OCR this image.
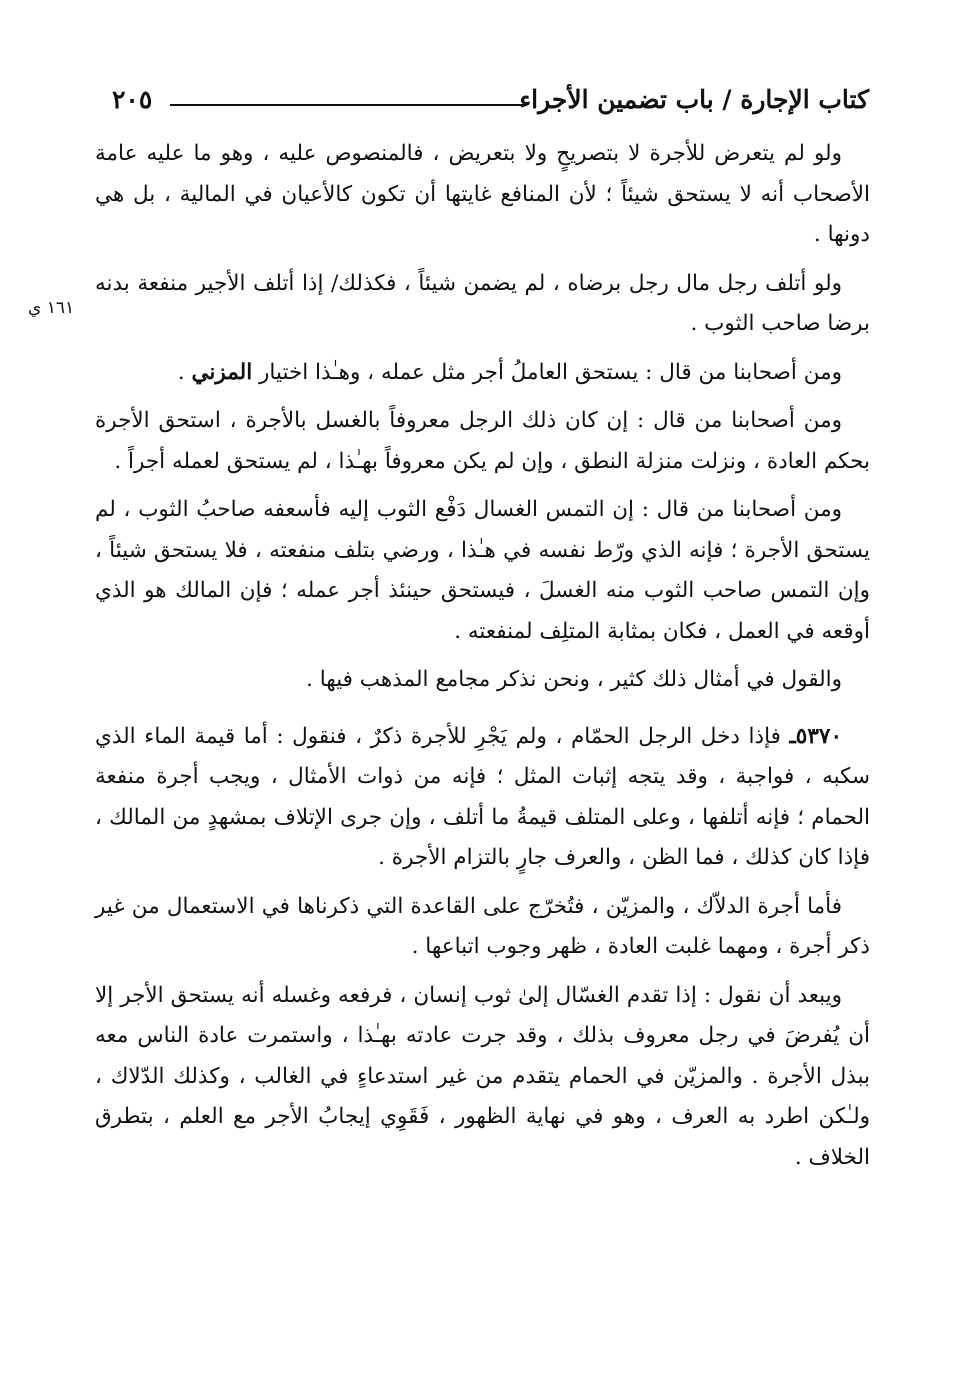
كتاب الإجارة / باب تضمين الأجراء
٢٠٥
١٦١ ي

ولو لم يتعرض للأجرة لا بتصريحٍ ولا بتعريض ، فالمنصوص عليه ، وهو ما عليه عامة الأصحاب أنه لا يستحق شيئاً ؛ لأن المنافع غايتها أن تكون كالأعيان في المالية ، بل هي دونها .

ولو أتلف رجل مال رجل برضاه ، لم يضمن شيئاً ، فكذلك/ إذا أتلف الأجير منفعة بدنه برضا صاحب الثوب .

ومن أصحابنا من قال : يستحق العاملُ أجر مثل عمله ، وهـٰذا اختيار المزني .

ومن أصحابنا من قال : إن كان ذلك الرجل معروفاً بالغسل بالأجرة ، استحق الأجرة بحكم العادة ، ونزلت منزلة النطق ، وإن لم يكن معروفاً بهـٰذا ، لم يستحق لعمله أجراً .

ومن أصحابنا من قال : إن التمس الغسال دَفْع الثوب إليه فأسعفه صاحبُ الثوب ، لم يستحق الأجرة ؛ فإنه الذي ورّط نفسه في هـٰذا ، ورضي بتلف منفعته ، فلا يستحق شيئاً ، وإن التمس صاحب الثوب منه الغسلَ ، فيستحق حينئذ أجر عمله ؛ فإن المالك هو الذي أوقعه في العمل ، فكان بمثابة المتلِف لمنفعته .

والقول في أمثال ذلك كثير ، ونحن نذكر مجامع المذهب فيها .

٥٣٧٠ـ فإذا دخل الرجل الحمّام ، ولم يَجْرِ للأجرة ذكرٌ ، فنقول : أما قيمة الماء الذي سكبه ، فواجبة ، وقد يتجه إثبات المثل ؛ فإنه من ذوات الأمثال ، ويجب أجرة منفعة الحمام ؛ فإنه أتلفها ، وعلى المتلف قيمةُ ما أتلف ، وإن جرى الإتلاف بمشهدٍ من المالك ، فإذا كان كذلك ، فما الظن ، والعرف جارٍ بالتزام الأجرة .

فأما أجرة الدلاّك ، والمزيّن ، فتُخرّج على القاعدة التي ذكرناها في الاستعمال من غير ذكر أجرة ، ومهما غلبت العادة ، ظهر وجوب اتباعها .

ويبعد أن نقول : إذا تقدم الغسّال إلىٰ ثوب إنسان ، فرفعه وغسله أنه يستحق الأجر إلا أن يُفرضَ في رجل معروف بذلك ، وقد جرت عادته بهـٰذا ، واستمرت عادة الناس معه ببذل الأجرة . والمزيّن في الحمام يتقدم من غير استدعاءٍ في الغالب ، وكذلك الدّلاك ، ولـٰكن اطرد به العرف ، وهو في نهاية الظهور ، فَقَوِي إيجابُ الأجر مع العلم ، بتطرق الخلاف .
